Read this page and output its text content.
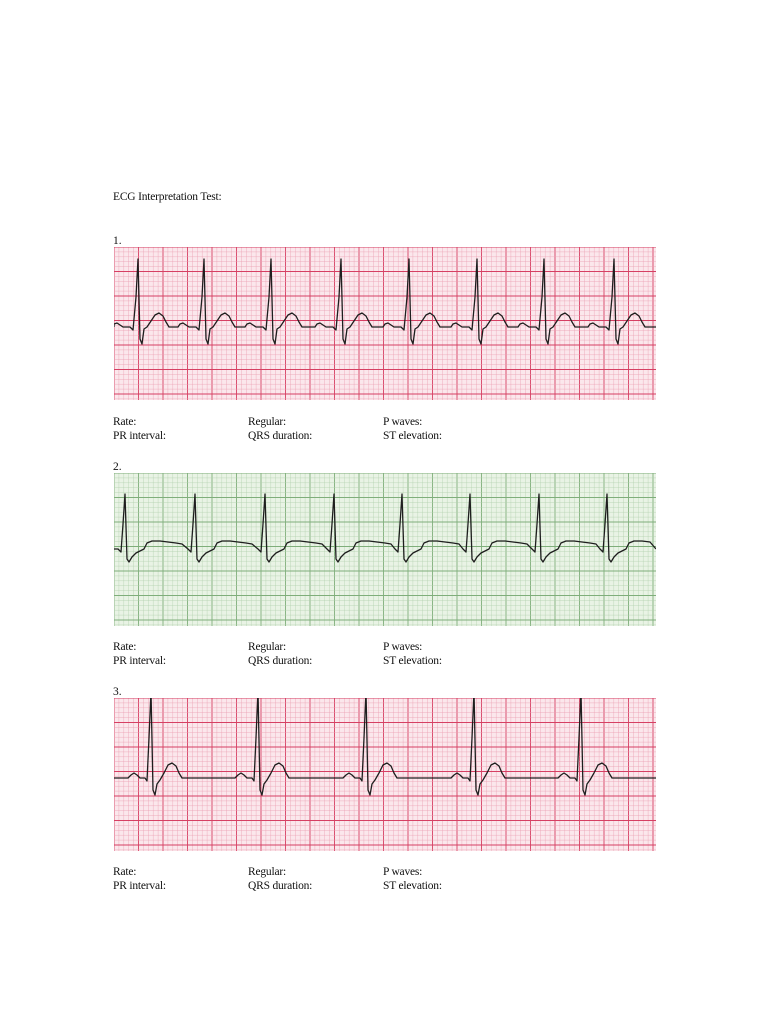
ECG Interpretation Test:
1.
Rate:	Regular:	P waves:
PR interval:	QRS duration:	ST elevation:
2.
Rate:	Regular:	P waves:
PR interval:	QRS duration:	ST elevation:
3.
Rate:	Regular:	P waves:
PR interval:	QRS duration:	ST elevation:
